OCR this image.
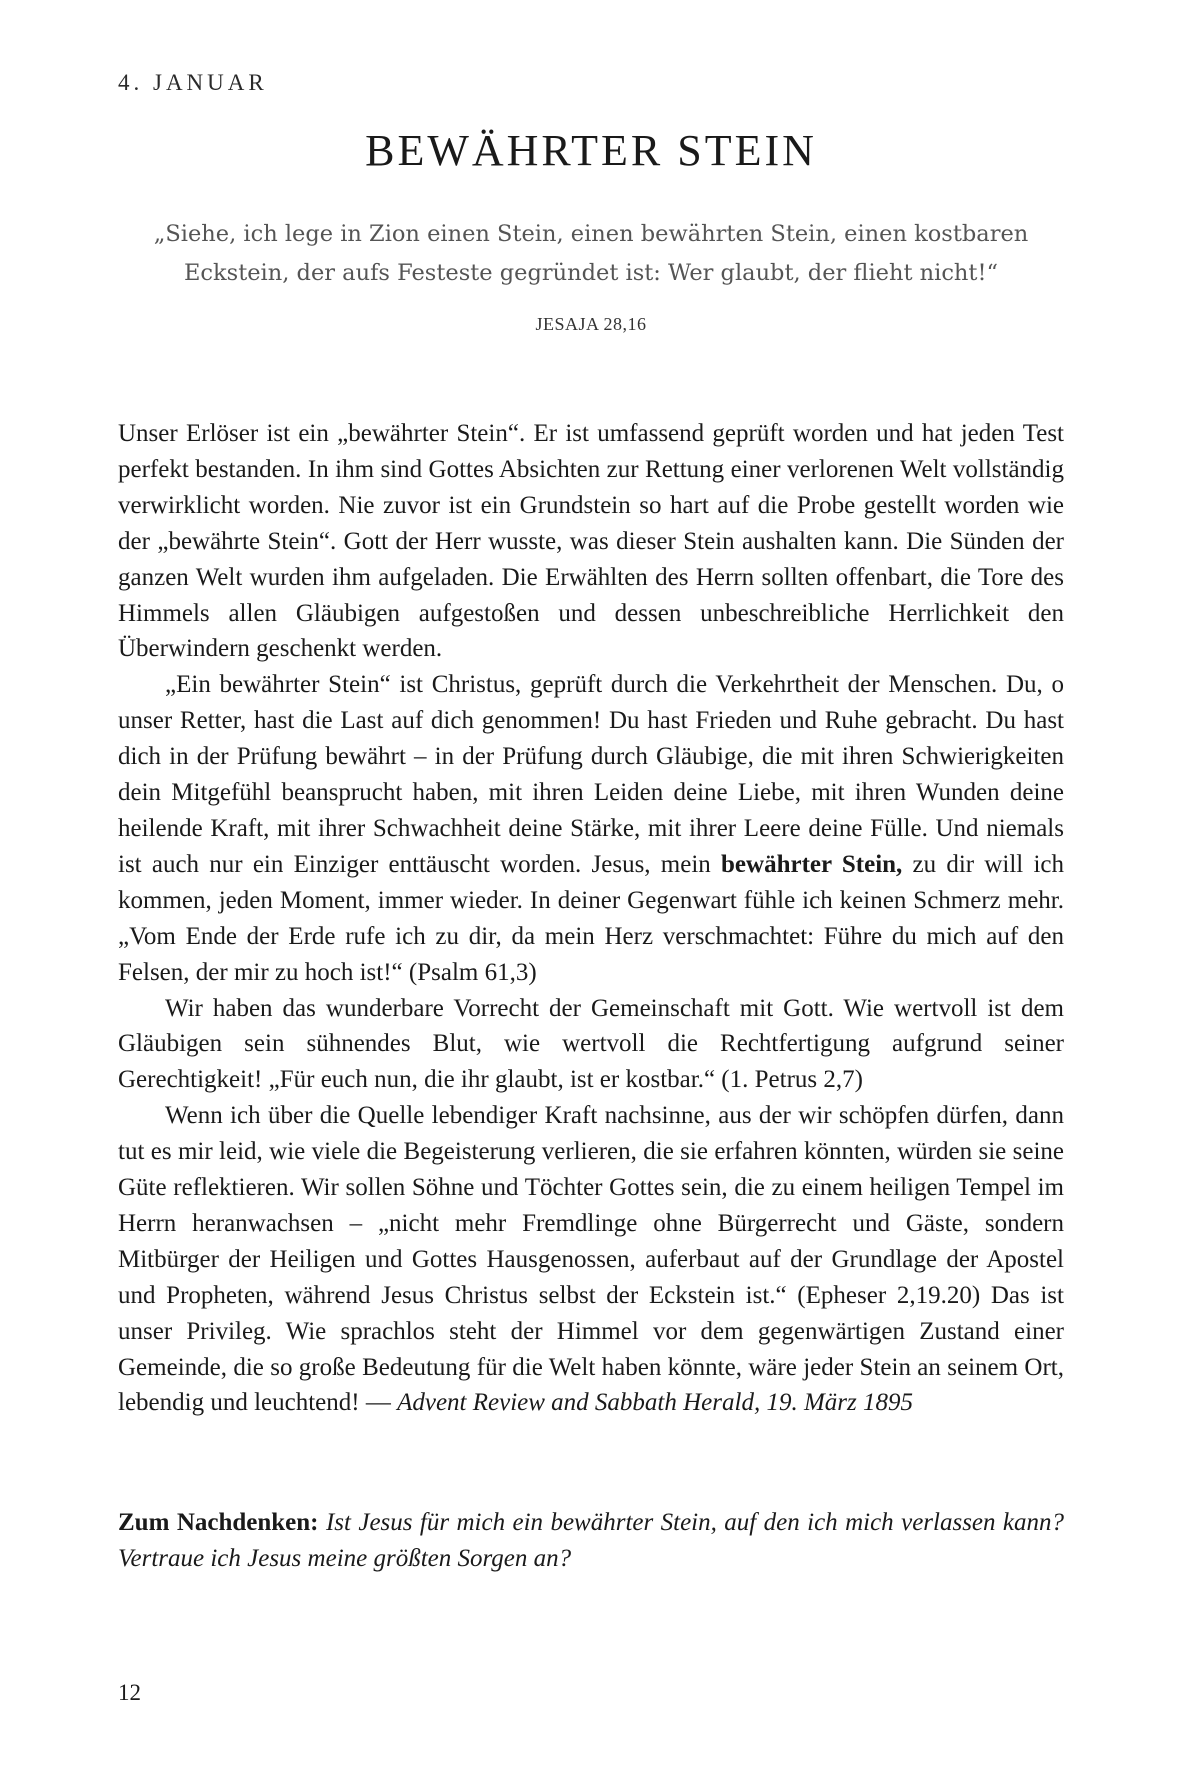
4. JANUAR
BEWÄHRTER STEIN
„Siehe, ich lege in Zion einen Stein, einen bewährten Stein, einen kostbaren Eckstein, der aufs Festeste gegründet ist: Wer glaubt, der flieht nicht!“
JESAJA 28,16

Unser Erlöser ist ein „bewährter Stein“. Er ist umfassend geprüft worden und hat jeden Test perfekt bestanden. In ihm sind Gottes Absichten zur Rettung einer verlorenen Welt vollständig verwirklicht worden. Nie zuvor ist ein Grundstein so hart auf die Probe gestellt worden wie der „bewährte Stein“. Gott der Herr wusste, was dieser Stein aushalten kann. Die Sünden der ganzen Welt wurden ihm aufgeladen. Die Erwählten des Herrn sollten offenbart, die Tore des Himmels allen Gläubigen aufgestoßen und dessen unbeschreibliche Herrlichkeit den Überwindern geschenkt werden.

„Ein bewährter Stein“ ist Christus, geprüft durch die Verkehrtheit der Menschen. Du, o unser Retter, hast die Last auf dich genommen! Du hast Frieden und Ruhe gebracht. Du hast dich in der Prüfung bewährt – in der Prüfung durch Gläubige, die mit ihren Schwierigkeiten dein Mitgefühl beansprucht haben, mit ihren Leiden deine Liebe, mit ihren Wunden deine heilende Kraft, mit ihrer Schwachheit deine Stärke, mit ihrer Leere deine Fülle. Und niemals ist auch nur ein Einziger enttäuscht worden. Jesus, mein bewährter Stein, zu dir will ich kommen, jeden Moment, immer wieder. In deiner Gegenwart fühle ich keinen Schmerz mehr. „Vom Ende der Erde rufe ich zu dir, da mein Herz verschmachtet: Führe du mich auf den Felsen, der mir zu hoch ist!“ (Psalm 61,3)

Wir haben das wunderbare Vorrecht der Gemeinschaft mit Gott. Wie wertvoll ist dem Gläubigen sein sühnendes Blut, wie wertvoll die Rechtfertigung aufgrund seiner Gerechtigkeit! „Für euch nun, die ihr glaubt, ist er kostbar.“ (1. Petrus 2,7)

Wenn ich über die Quelle lebendiger Kraft nachsinne, aus der wir schöpfen dürfen, dann tut es mir leid, wie viele die Begeisterung verlieren, die sie erfahren könnten, würden sie seine Güte reflektieren. Wir sollen Söhne und Töchter Gottes sein, die zu einem heiligen Tempel im Herrn heranwachsen – „nicht mehr Fremdlinge ohne Bürgerrecht und Gäste, sondern Mitbürger der Heiligen und Gottes Hausgenossen, auferbaut auf der Grundlage der Apostel und Propheten, während Jesus Christus selbst der Eckstein ist.“ (Epheser 2,19.20) Das ist unser Privileg. Wie sprachlos steht der Himmel vor dem gegenwärtigen Zustand einer Gemeinde, die so große Bedeutung für die Welt haben könnte, wäre jeder Stein an seinem Ort, lebendig und leuchtend! — Advent Review and Sabbath Herald, 19. März 1895

Zum Nachdenken: Ist Jesus für mich ein bewährter Stein, auf den ich mich verlassen kann? Vertraue ich Jesus meine größten Sorgen an?
12
